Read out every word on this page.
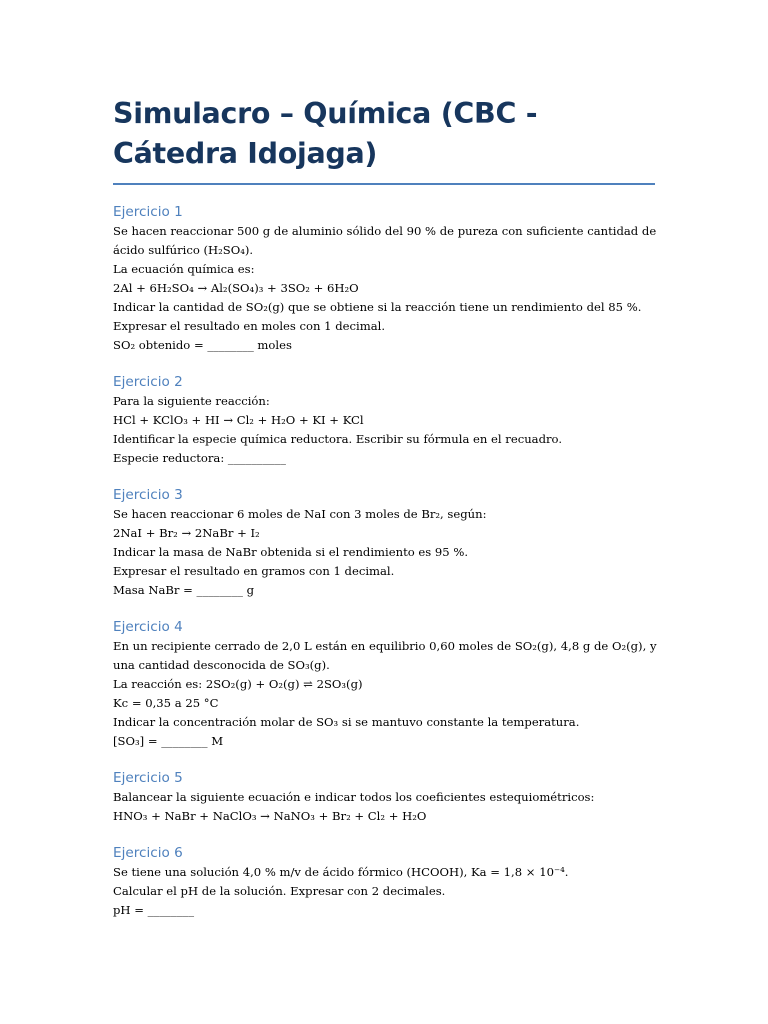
Simulacro – Química (CBC - Cátedra Idojaga)
Ejercicio 1

Se hacen reaccionar 500 g de aluminio sólido del 90 % de pureza con suficiente cantidad de

ácido sulfúrico (H₂SO₄).

La ecuación química es:

2Al + 6H₂SO₄ → Al₂(SO₄)₃ + 3SO₂ + 6H₂O

Indicar la cantidad de SO₂(g) que se obtiene si la reacción tiene un rendimiento del 85 %.

Expresar el resultado en moles con 1 decimal.

SO₂ obtenido = ________ moles

Ejercicio 2

Para la siguiente reacción:

HCl + KClO₃ + HI → Cl₂ + H₂O + KI + KCl

Identificar la especie química reductora. Escribir su fórmula en el recuadro.

Especie reductora: __________

Ejercicio 3

Se hacen reaccionar 6 moles de NaI con 3 moles de Br₂, según:

2NaI + Br₂ → 2NaBr + I₂

Indicar la masa de NaBr obtenida si el rendimiento es 95 %.

Expresar el resultado en gramos con 1 decimal.

Masa NaBr = ________ g

Ejercicio 4

En un recipiente cerrado de 2,0 L están en equilibrio 0,60 moles de SO₂(g), 4,8 g de O₂(g), y

una cantidad desconocida de SO₃(g).

La reacción es: 2SO₂(g) + O₂(g) ⇌ 2SO₃(g)

Kc = 0,35 a 25 °C

Indicar la concentración molar de SO₃ si se mantuvo constante la temperatura.

[SO₃] = ________ M

Ejercicio 5

Balancear la siguiente ecuación e indicar todos los coeficientes estequiométricos:

HNO₃ + NaBr + NaClO₃ → NaNO₃ + Br₂ + Cl₂ + H₂O

Ejercicio 6

Se tiene una solución 4,0 % m/v de ácido fórmico (HCOOH), Ka = 1,8 × 10⁻⁴.

Calcular el pH de la solución. Expresar con 2 decimales.

pH = ________
